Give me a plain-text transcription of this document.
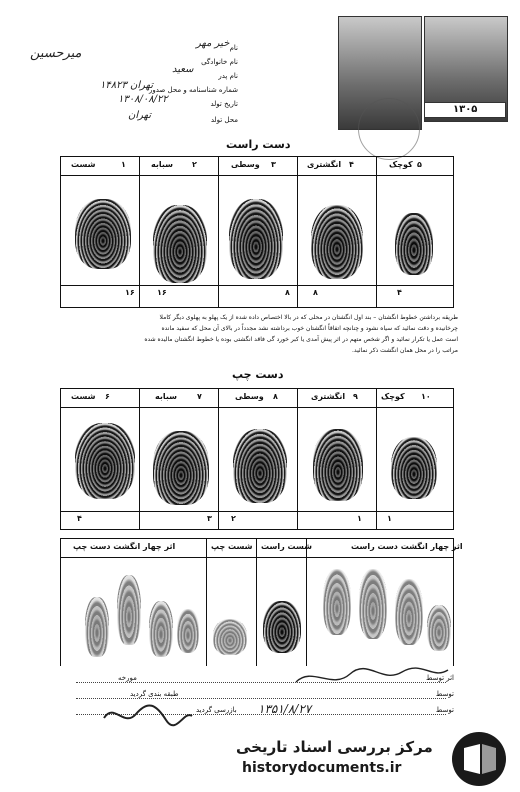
نام
خیر مهر
نام خانوادگی
میرحسین
نام پدر
سعید
شماره شناسنامه و محل صدور
۱۴۸۲۳ تهران
تاریخ تولد
۱۳۰۸/۰۸/۲۲
محل تولد
تهران
۱۳۰۵
دست راست
۵
کوچک
۴
انگشتری
۳
وسطی
۲
سبابه
۱
شست
۴
۸
۸
۱۶
۱۶
طریقه برداشتن خطوط انگشتان – بند اول انگشتان در محلی که در بالا اختصاص داده شده از یک پهلو به پهلوی دیگر کاملا
چرخانیده و دقت نمائید که سیاه نشود و چنانچه اتفاقاً انگشتان خوب برداشته نشد مجدداً در بالای آن محل که سفید مانده
است عمل یا تکرار نمائید و اگر شخص متهم در اثر پیش آمدی یا کبر خورد گی فاقد انگشتی بوده یا خطوط انگشتان مالیده شده
مراتب را در محل همان انگشت ذکر نمائید.
دست چپ
۱۰
کوچک
۹
انگشتری
۸
وسطی
۷
سبابه
۶
شست
۱
۱
۲
۳
۴
اثر چهار انگشت دست چپ	شست چپ شست راست	اثر چهار انگشت دست راست
اثر توسط
توسط
توسط
مورخه
طبقه بندی گردید
بازرسی گردید ۱۳۵۱/۸/۲۷
مرکز بررسی اسناد تاریخی
historydocuments.ir
